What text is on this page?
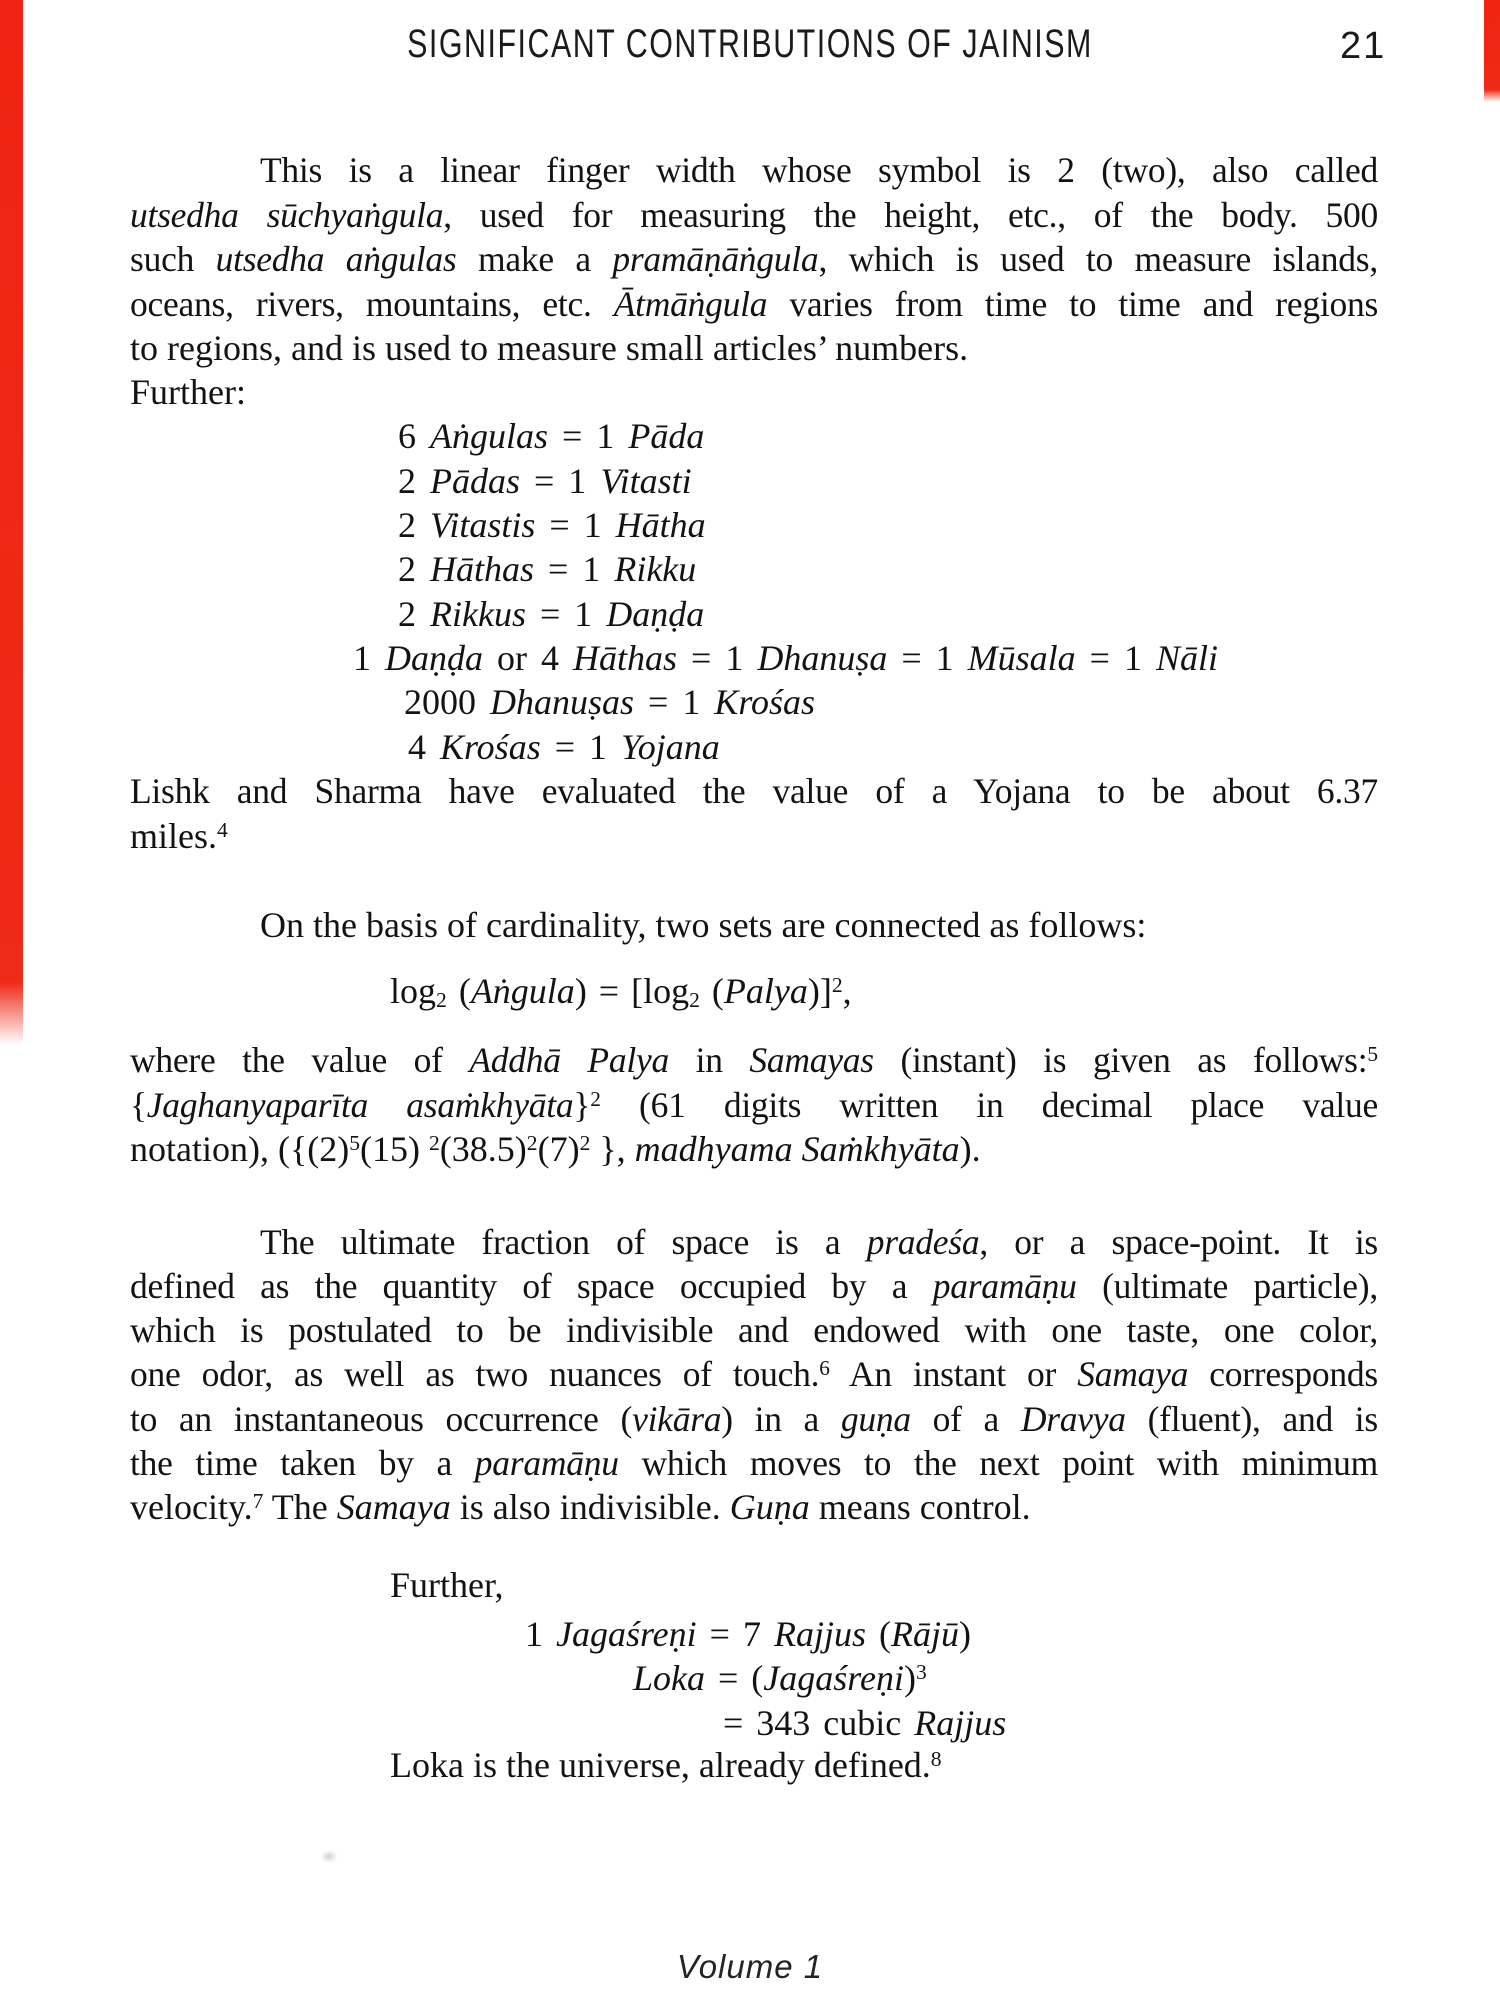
SIGNIFICANT CONTRIBUTIONS OF JAINISM	21
This is a linear finger width whose symbol is 2 (two), also called
utsedha sūchyaṅgula, used for measuring the height, etc., of the body. 500
such utsedha aṅgulas make a pramāṇāṅgula, which is used to measure islands,
oceans, rivers, mountains, etc. Ātmāṅgula varies from time to time and regions
to regions, and is used to measure small articles’ numbers.
Further:
6 Aṅgulas = 1 Pāda
2 Pādas = 1 Vitasti
2 Vitastis = 1 Hātha
2 Hāthas = 1 Rikku
2 Rikkus = 1 Daṇḍa
1 Daṇḍa or 4 Hāthas = 1 Dhanuṣa = 1 Mūsala = 1 Nāli
2000 Dhanuṣas = 1 Krośas
4 Krośas = 1 Yojana
Lishk and Sharma have evaluated the value of a Yojana to be about 6.37
miles.$^4$
On the basis of cardinality, two sets are connected as follows:
log2 (Aṅgula) = [log2 (Palya)]$^2$,
where the value of Addhā Palya in Samayas (instant) is given as follows:$^5$
{Jaghanyaparīta asaṁkhyāta}$^2$ (61 digits written in decimal place value
notation), ({$(2)^5(15)$ $^2(38.5)^2(7)^2$ }, madhyama Saṁkhyāta).
The ultimate fraction of space is a pradeśa, or a space-point. It is
defined as the quantity of space occupied by a paramāṇu (ultimate particle),
which is postulated to be indivisible and endowed with one taste, one color,
one odor, as well as two nuances of touch.$^6$ An instant or Samaya corresponds
to an instantaneous occurrence (vikāra) in a guṇa of a Dravya (fluent), and is
the time taken by a paramāṇu which moves to the next point with minimum
velocity.$^7$ The Samaya is also indivisible. Guṇa means control.
Further,
1 Jagaśreṇi = 7 Rajjus (Rājū)
Loka = (Jagaśreṇi)$^3$
= 343 cubic Rajjus
Loka is the universe, already defined.$^8$
Volume 1
